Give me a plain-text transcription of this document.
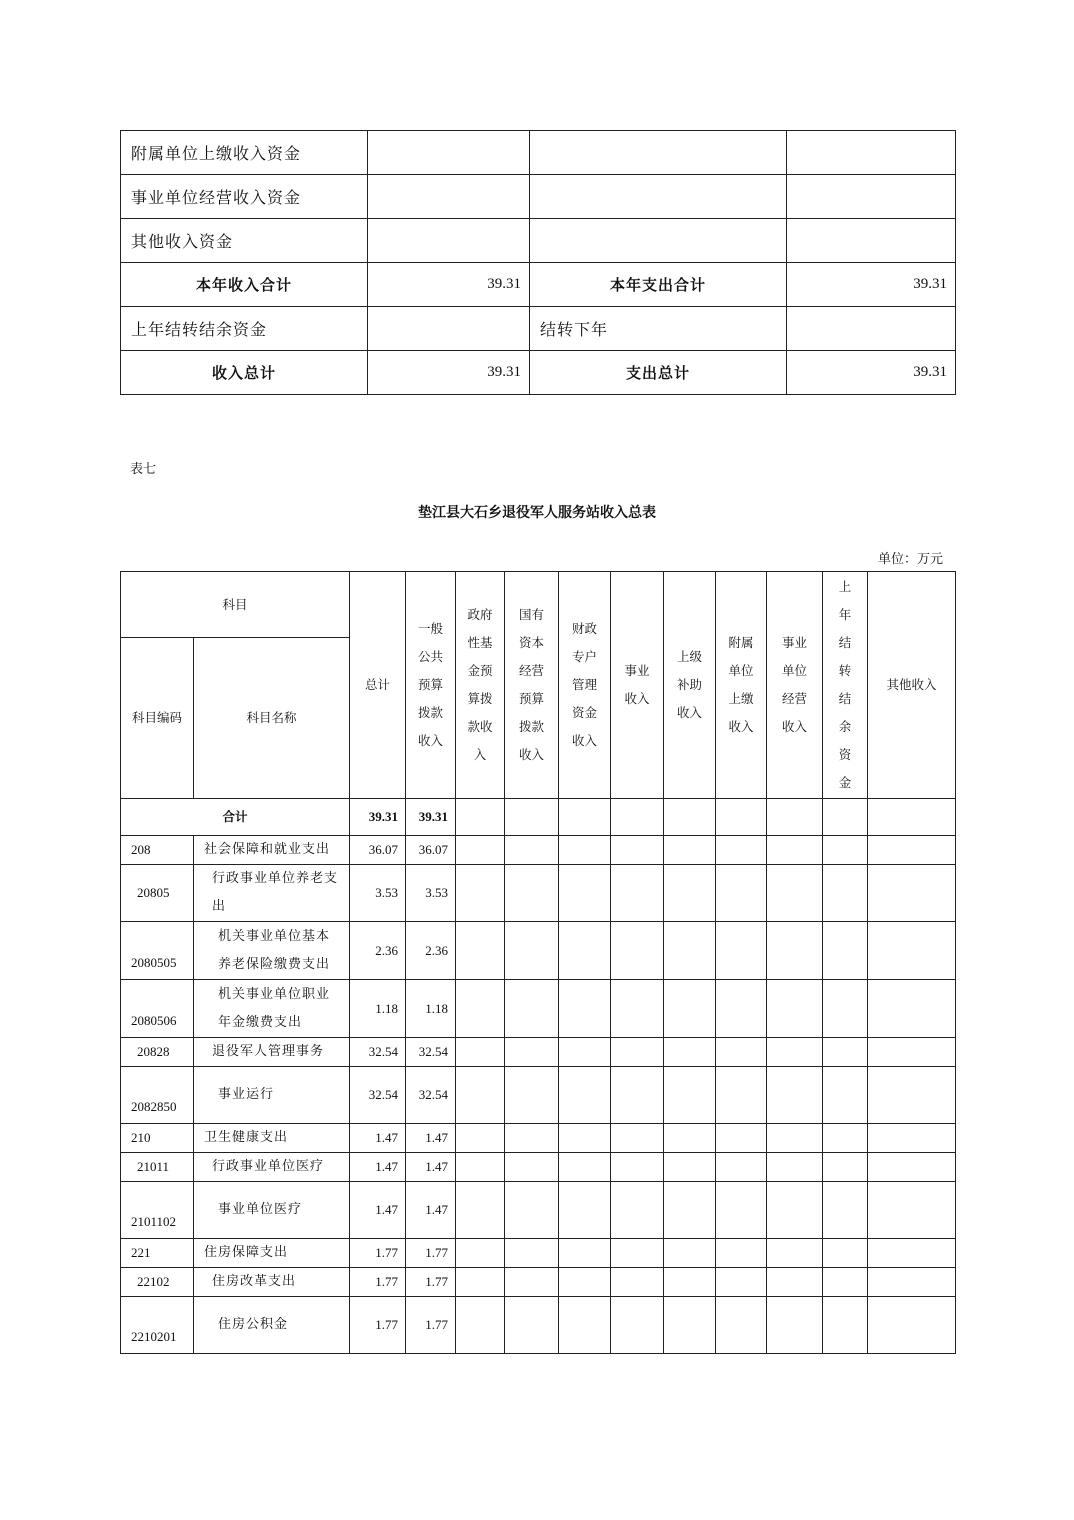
附属单位上缴收入资金			
事业单位经营收入资金			
其他收入资金			
本年收入合计	39.31	本年支出合计	39.31
上年结转结余资金		结转下年	
收入总计	39.31	支出总计	39.31
表七
垫江县大石乡退役军人服务站收入总表
单位：万元
科目		总计	一般公共预算拨款收入	政府性基金预算拨款收入	国有资本经营预算拨款收入	财政专户管理资金收入	事业收入	上级补助收入	附属单位上缴收入	事业单位经营收入	上年结转结余资金	其他收入
科目编码	科目名称											
合计		39.31	39.31									
208	社会保障和就业支出	36.07	36.07									
20805	行政事业单位养老支出	3.53	3.53									
2080505	机关事业单位基本养老保险缴费支出	2.36	2.36									
2080506	机关事业单位职业年金缴费支出	1.18	1.18									
20828	退役军人管理事务	32.54	32.54									
2082850	事业运行	32.54	32.54									
210	卫生健康支出	1.47	1.47									
21011	行政事业单位医疗	1.47	1.47									
2101102	事业单位医疗	1.47	1.47									
221	住房保障支出	1.77	1.77									
22102	住房改革支出	1.77	1.77									
2210201	住房公积金	1.77	1.77									
